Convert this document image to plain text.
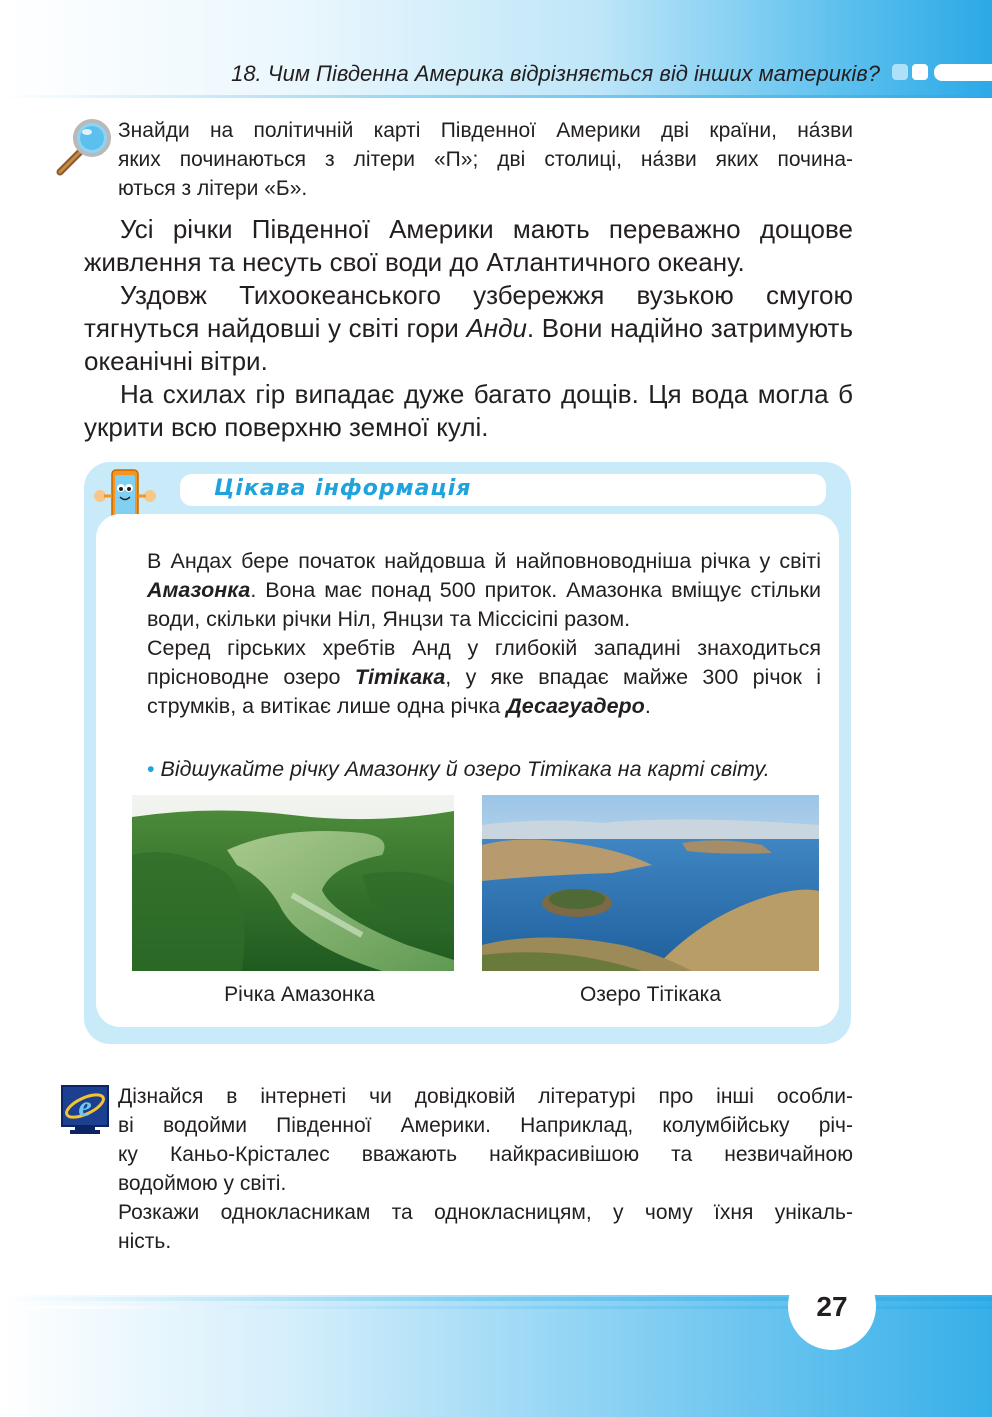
18. Чим Південна Америка відрізняється від інших материків?
Знайди на політичній карті Південної Америки дві країни, на́зви
яких починаються з літери «П»; дві столиці, на́зви яких почина-
ються з літери «Б».

Усі річки Південної Америки мають переважно дощове живлення та несуть свої води до Атлантичного океану.

Уздовж Тихоокеанського узбережжя вузькою смугою тягнуться найдовші у світі гори Анди. Вони надійно затримують океанічні вітри.

На схилах гір випадає дуже багато дощів. Ця вода могла б укрити всю поверхню земної кулі.

Цікава інформація

В Андах бере початок найдовша й найповноводніша річка у світі Амазонка. Вона має понад 500 приток. Амазонка вміщує стільки води, скільки річки Ніл, Янцзи та Міссісіпі разом.

Серед гірських хребтів Анд у глибокій западині знаходиться прісноводне озеро Тітікака, у яке впадає майже 300 річок і струмків, а витікає лише одна річка Десагуадеро.

• Відшукайте річку Амазонку й озеро Тітікака на карті світу.
Річка Амазонка	Озеро Тітікака
e Дізнайся в інтернеті чи довідковій літературі про інші особли-
ві водойми Південної Америки. Наприклад, колумбійську річ-
ку Каньо-Крісталес вважають найкрасивішою та незвичайною
водоймою у світі.
Розкажи однокласникам та однокласницям, у чому їхня унікаль-
ність.
27
